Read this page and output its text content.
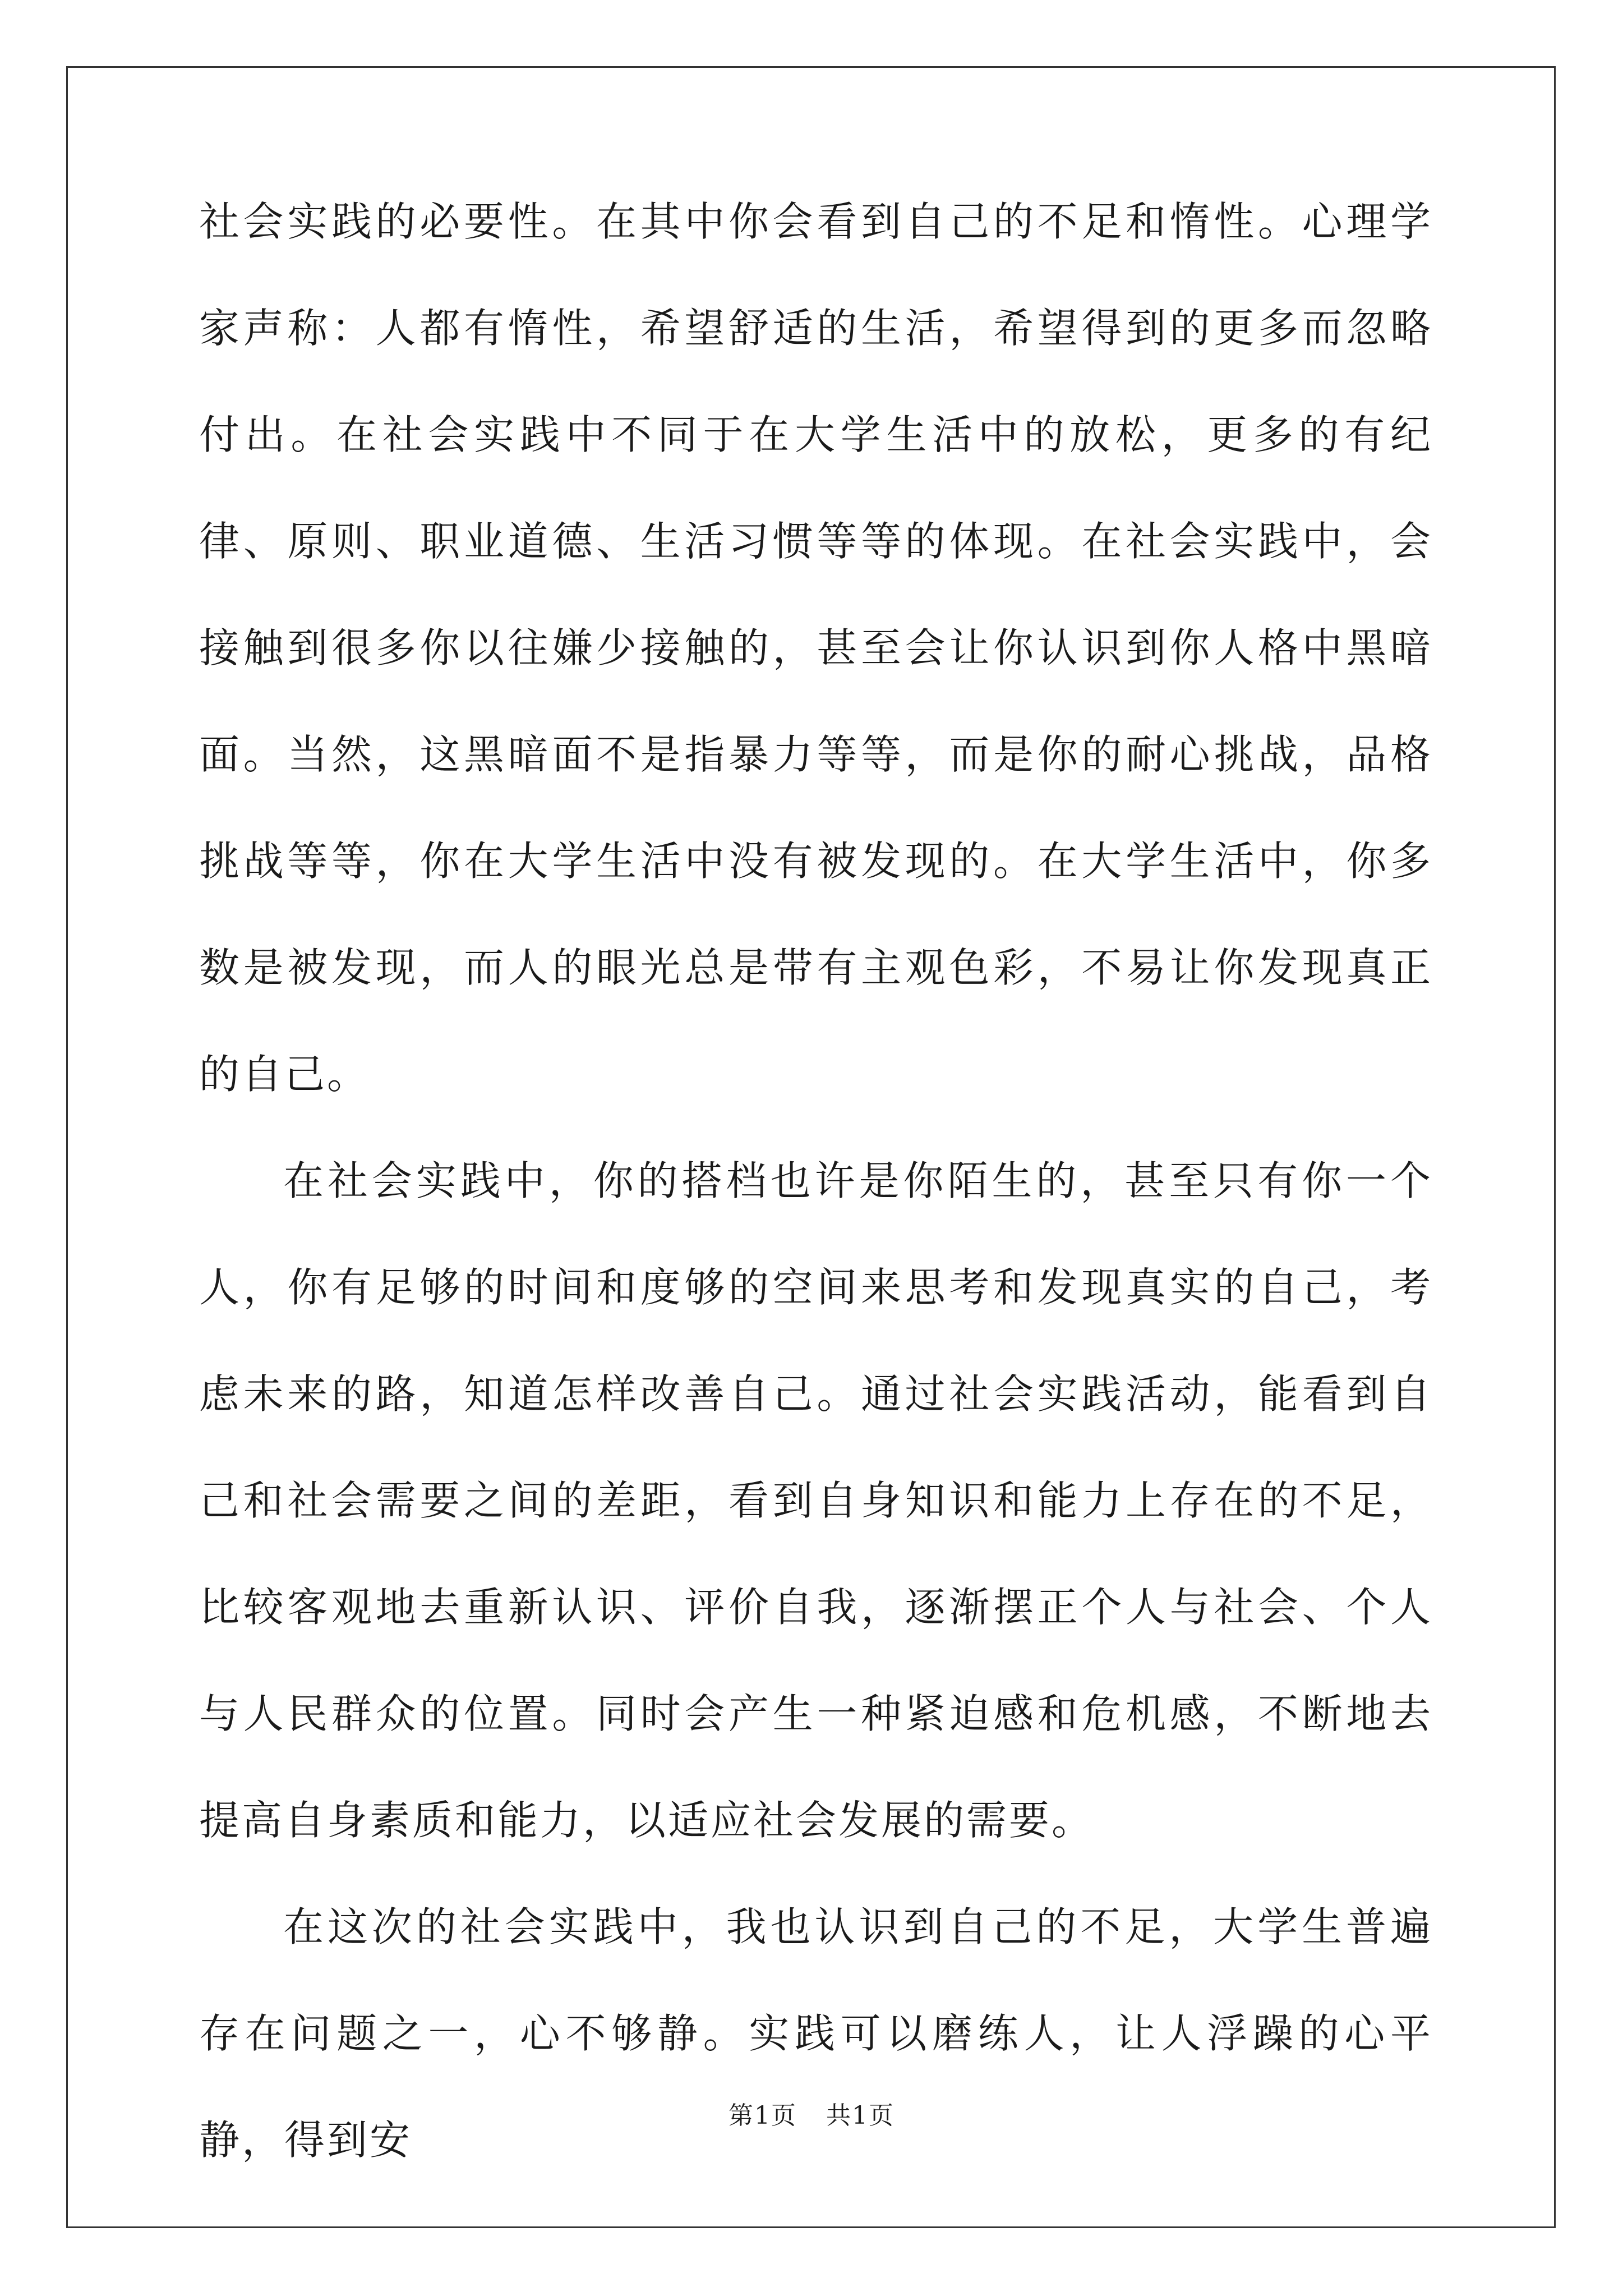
社会实践的必要性。在其中你会看到自己的不足和惰性。心理学家声称：人都有惰性，希望舒适的生活，希望得到的更多而忽略付出。在社会实践中不同于在大学生活中的放松，更多的有纪律、原则、职业道德、生活习惯等等的体现。在社会实践中，会接触到很多你以往嫌少接触的，甚至会让你认识到你人格中黑暗面。当然，这黑暗面不是指暴力等等，而是你的耐心挑战，品格挑战等等，你在大学生活中没有被发现的。在大学生活中，你多数是被发现，而人的眼光总是带有主观色彩，不易让你发现真正的自己。

在社会实践中，你的搭档也许是你陌生的，甚至只有你一个人，你有足够的时间和度够的空间来思考和发现真实的自己，考虑未来的路，知道怎样改善自己。通过社会实践活动，能看到自己和社会需要之间的差距，看到自身知识和能力上存在的不足，比较客观地去重新认识、评价自我，逐渐摆正个人与社会、个人与人民群众的位置。同时会产生一种紧迫感和危机感，不断地去提高自身素质和能力，以适应社会发展的需要。

在这次的社会实践中，我也认识到自己的不足，大学生普遍存在问题之一，心不够静。实践可以磨练人，让人浮躁的心平静，得到安

第1页 共1页
